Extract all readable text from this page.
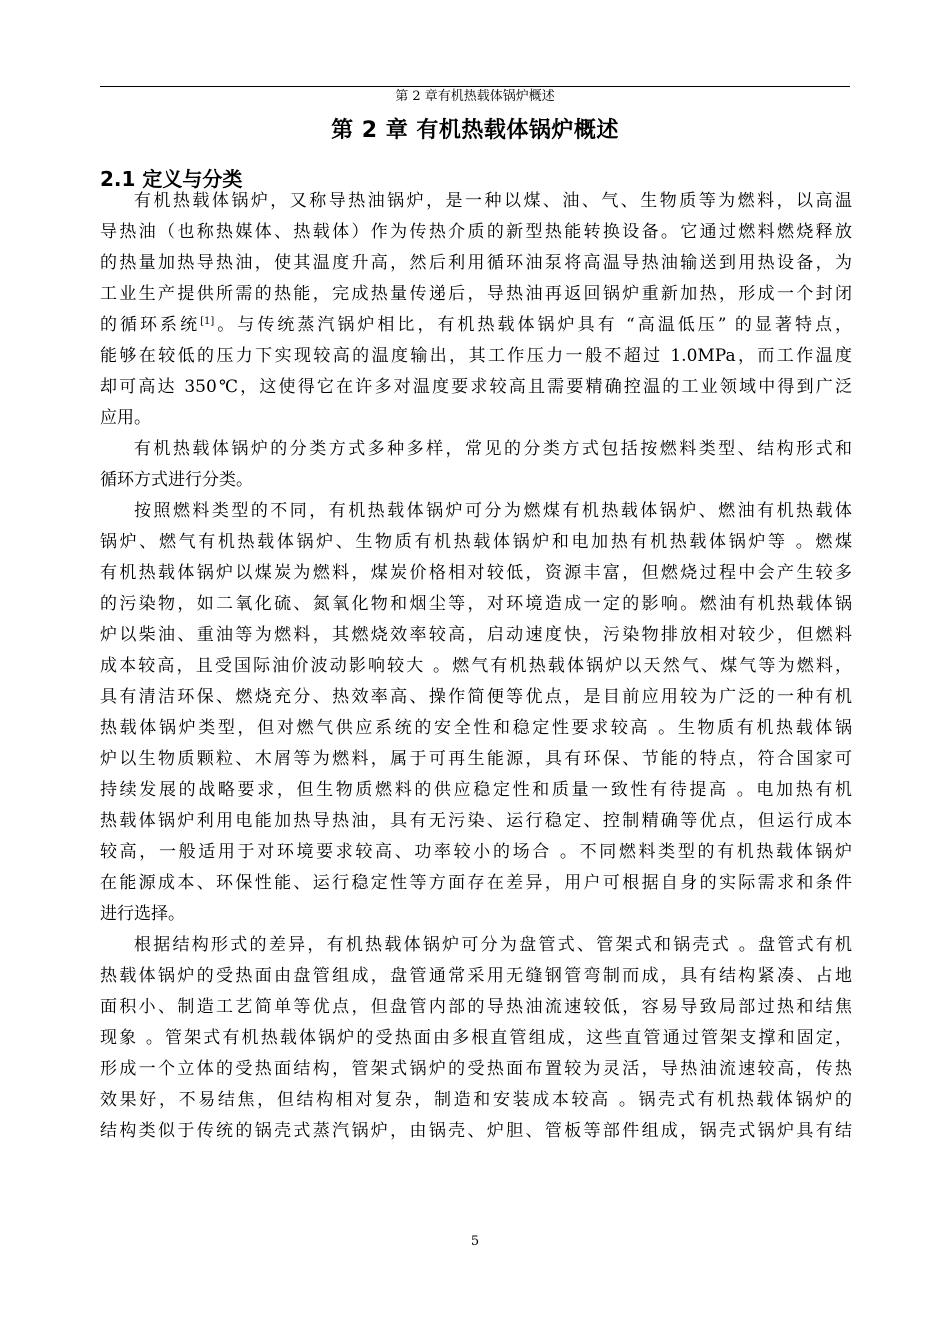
第 2 章有机热载体锅炉概述
第 2 章 有机热载体锅炉概述
2.1 定义与分类
有机热载体锅炉，又称导热油锅炉，是一种以煤、油、气、生物质等为燃料，以高温
导热油（也称热媒体、热载体）作为传热介质的新型热能转换设备。它通过燃料燃烧释放
的热量加热导热油，使其温度升高，然后利用循环油泵将高温导热油输送到用热设备，为
工业生产提供所需的热能，完成热量传递后，导热油再返回锅炉重新加热，形成一个封闭
的循环系统[1]。与传统蒸汽锅炉相比，有机热载体锅炉具有 “高温低压” 的显著特点，
能够在较低的压力下实现较高的温度输出，其工作压力一般不超过 1.0MPa，而工作温度
却可高达 350℃，这使得它在许多对温度要求较高且需要精确控温的工业领域中得到广泛
应用。
有机热载体锅炉的分类方式多种多样，常见的分类方式包括按燃料类型、结构形式和
循环方式进行分类。
按照燃料类型的不同，有机热载体锅炉可分为燃煤有机热载体锅炉、燃油有机热载体
锅炉、燃气有机热载体锅炉、生物质有机热载体锅炉和电加热有机热载体锅炉等 。燃煤
有机热载体锅炉以煤炭为燃料，煤炭价格相对较低，资源丰富，但燃烧过程中会产生较多
的污染物，如二氧化硫、氮氧化物和烟尘等，对环境造成一定的影响。燃油有机热载体锅
炉以柴油、重油等为燃料，其燃烧效率较高，启动速度快，污染物排放相对较少，但燃料
成本较高，且受国际油价波动影响较大 。燃气有机热载体锅炉以天然气、煤气等为燃料，
具有清洁环保、燃烧充分、热效率高、操作简便等优点，是目前应用较为广泛的一种有机
热载体锅炉类型，但对燃气供应系统的安全性和稳定性要求较高 。生物质有机热载体锅
炉以生物质颗粒、木屑等为燃料，属于可再生能源，具有环保、节能的特点，符合国家可
持续发展的战略要求，但生物质燃料的供应稳定性和质量一致性有待提高 。电加热有机
热载体锅炉利用电能加热导热油，具有无污染、运行稳定、控制精确等优点，但运行成本
较高，一般适用于对环境要求较高、功率较小的场合 。不同燃料类型的有机热载体锅炉
在能源成本、环保性能、运行稳定性等方面存在差异，用户可根据自身的实际需求和条件
进行选择。
根据结构形式的差异，有机热载体锅炉可分为盘管式、管架式和锅壳式 。盘管式有机
热载体锅炉的受热面由盘管组成，盘管通常采用无缝钢管弯制而成，具有结构紧凑、占地
面积小、制造工艺简单等优点，但盘管内部的导热油流速较低，容易导致局部过热和结焦
现象 。管架式有机热载体锅炉的受热面由多根直管组成，这些直管通过管架支撑和固定，
形成一个立体的受热面结构，管架式锅炉的受热面布置较为灵活，导热油流速较高，传热
效果好，不易结焦，但结构相对复杂，制造和安装成本较高 。锅壳式有机热载体锅炉的
结构类似于传统的锅壳式蒸汽锅炉，由锅壳、炉胆、管板等部件组成，锅壳式锅炉具有结
5
